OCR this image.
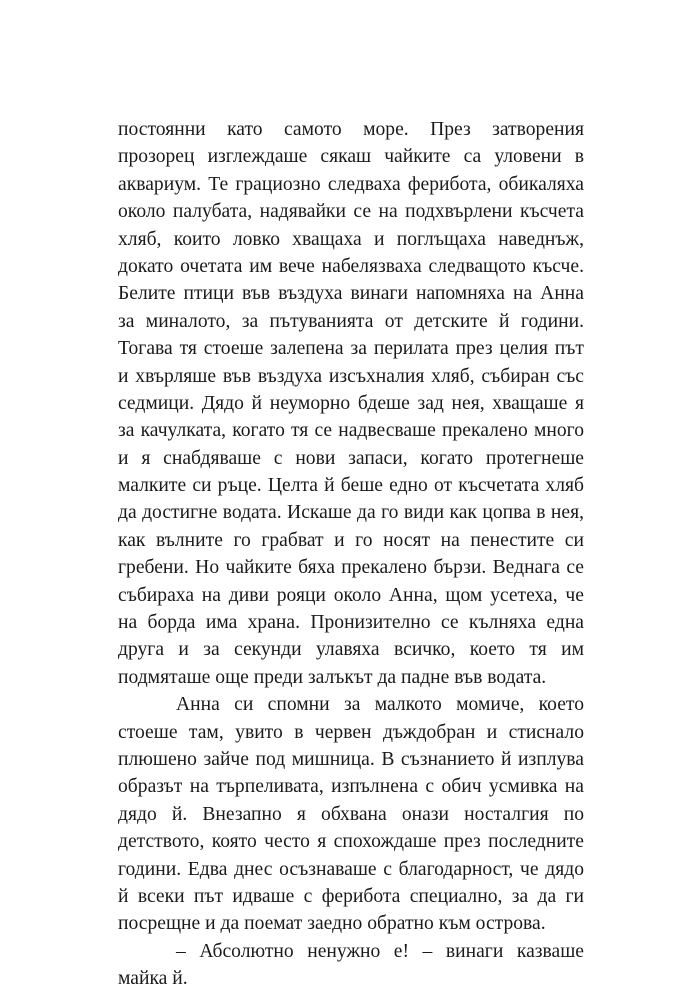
постоянни като самото море. През затворения
прозорец изглеждаше сякаш чайките са уловени в
аквариум. Те грациозно следваха ферибота, обикаляха
около палубата, надявайки се на подхвърлени късчета
хляб, които ловко хващаха и поглъщаха наведнъж,
докато очетата им вече набелязваха следващото късче.
Белите птици във въздуха винаги напомняха на Анна
за миналото, за пътуванията от детските й години.
Тогава тя стоеше залепена за перилата през целия път
и хвърляше във въздуха изсъхналия хляб, събиран със
седмици. Дядо й неуморно бдеше зад нея, хващаше я
за качулката, когато тя се надвесваше прекалено много
и я снабдяваше с нови запаси, когато протегнеше
малките си ръце. Целта й беше едно от късчетата хляб
да достигне водата. Искаше да го види как цопва в нея,
как вълните го грабват и го носят на пенестите си
гребени. Но чайките бяха прекалено бързи. Веднага се
събираха на диви рояци около Анна, щом усетеха, че
на борда има храна. Пронизително се кълняха една
друга и за секунди улавяха всичко, което тя им
подмяташе още преди залъкът да падне във водата.
Анна си спомни за малкото момиче, което
стоеше там, увито в червен дъждобран и стиснало
плюшено зайче под мишница. В съзнанието й изплува
образът на търпеливата, изпълнена с обич усмивка на
дядо й. Внезапно я обхвана онази носталгия по
детството, която често я спохождаше през последните
години. Едва днес осъзнаваше с благодарност, че дядо
й всеки път идваше с ферибота специално, за да ги
посрещне и да поемат заедно обратно към острова.
– Абсолютно ненужно е! – винаги казваше
майка й.
